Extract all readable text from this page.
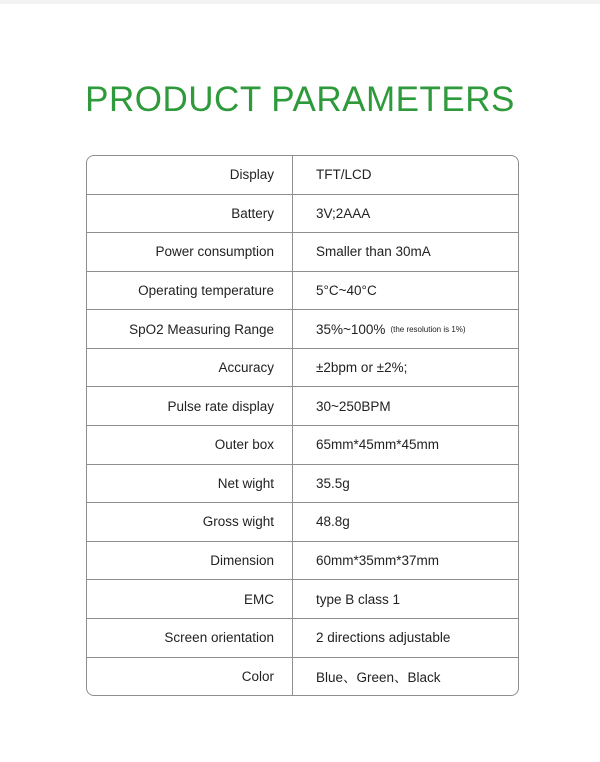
PRODUCT PARAMETERS
Display	TFT/LCD
Battery	3V;2AAA
Power consumption	Smaller than 30mA
Operating temperature	5°C~40°C
SpO2 Measuring Range	35%~100% (the resolution is 1%)
Accuracy	±2bpm or ±2%;
Pulse rate display	30~250BPM
Outer box	65mm*45mm*45mm
Net wight	35.5g
Gross wight	48.8g
Dimension	60mm*35mm*37mm
EMC	type B class 1
Screen orientation	2 directions adjustable
Color	Blue、Green、Black
